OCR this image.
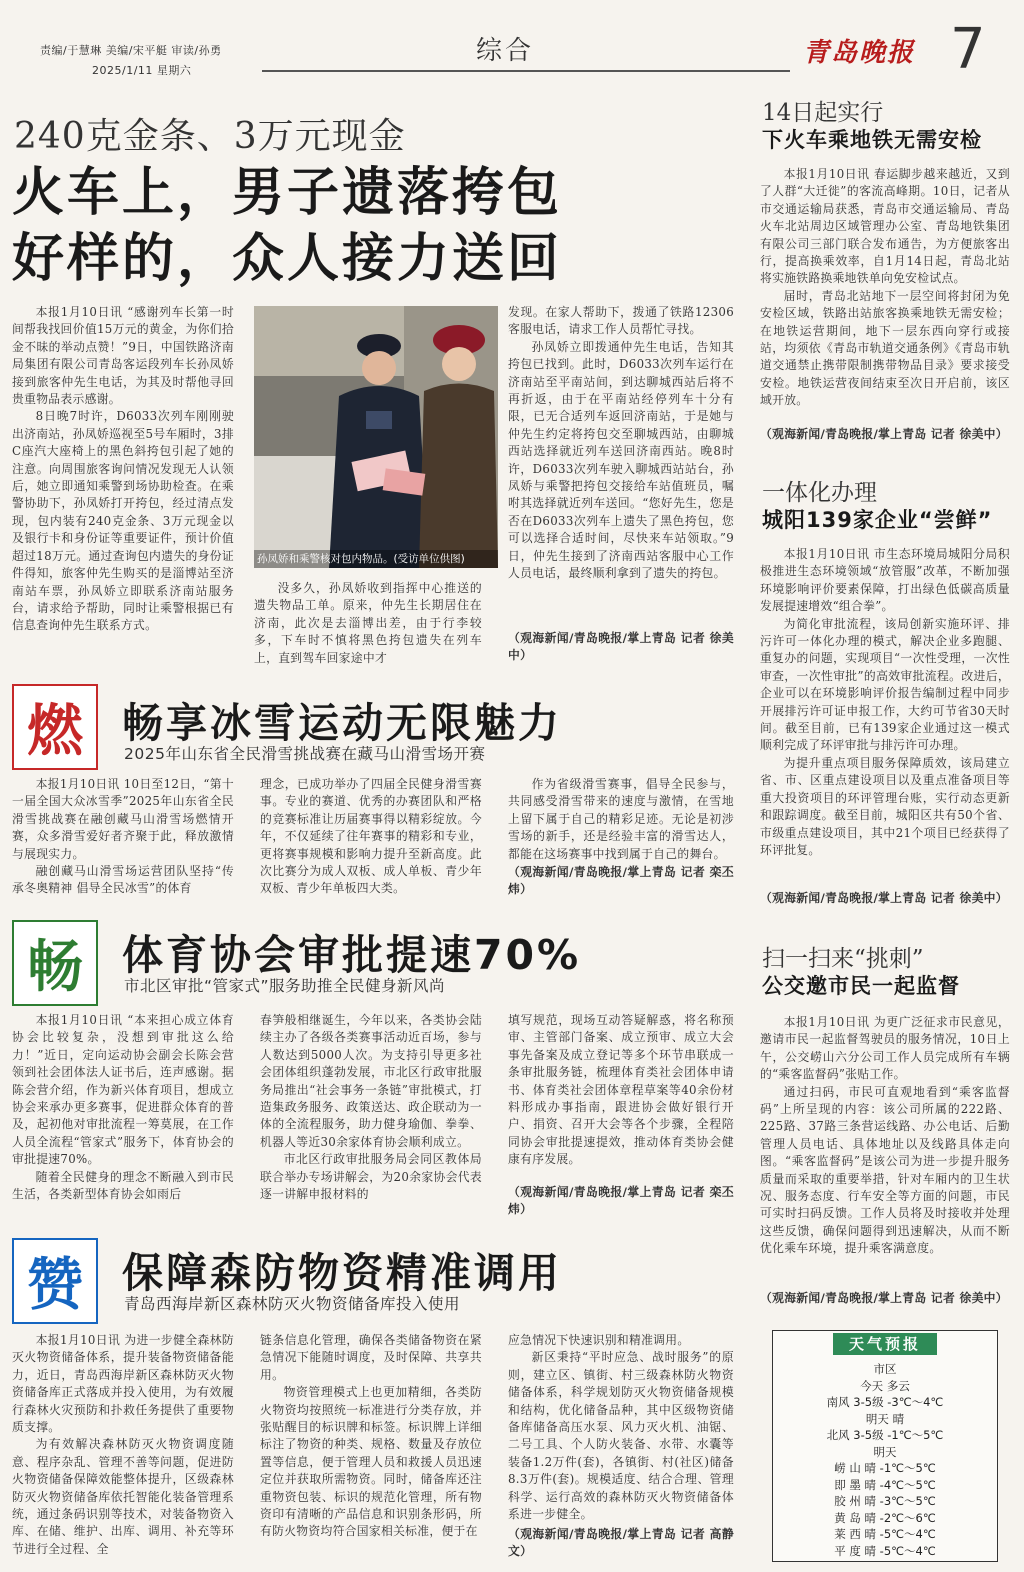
责编/于慧琳 美编/宋平艇 审读/孙勇
2025/1/11 星期六
综合	青岛晚报 7
240克金条、3万元现金
火车上，男子遗落挎包
好样的，众人接力送回

本报1月10日讯 “感谢列车长第一时间帮我找回价值15万元的黄金，为你们拾金不昧的举动点赞！”9日，中国铁路济南局集团有限公司青岛客运段列车长孙凤娇接到旅客仲先生电话，为其及时帮他寻回贵重物品表示感谢。

8日晚7时许，D6033次列车刚刚驶出济南站，孙凤娇巡视至5号车厢时，3排C座汽大座椅上的黑色斜挎包引起了她的注意。向周围旅客询问情况发现无人认领后，她立即通知乘警到场协助检查。在乘警协助下，孙凤娇打开挎包，经过清点发现，包内装有240克金条、3万元现金以及银行卡和身份证等重要证件，预计价值超过18万元。通过查询包内遗失的身份证件得知，旅客仲先生购买的是淄博站至济南站车票，孙凤娇立即联系济南站服务台，请求给予帮助，同时让乘警根据已有信息查询仲先生联系方式。

孙凤娇和乘警核对包内物品。(受访单位供图)

没多久，孙凤娇收到指挥中心推送的遗失物品工单。原来，仲先生长期居住在济南，此次是去淄博出差，由于行李较多，下车时不慎将黑色挎包遗失在列车上，直到驾车回家途中才

发现。在家人帮助下，拨通了铁路12306客服电话，请求工作人员帮忙寻找。

孙凤娇立即拨通仲先生电话，告知其挎包已找到。此时，D6033次列车运行在济南站至平南站间，到达聊城西站后将不再折返，由于在平南站经停列车十分有限，已无合适列车返回济南站，于是她与仲先生约定将挎包交至聊城西站，由聊城西站选择就近列车送回济南西站。晚8时许，D6033次列车驶入聊城西站站台，孙凤娇与乘警把挎包交接给车站值班员，嘱咐其选择就近列车送回。“您好先生，您是否在D6033次列车上遗失了黑色挎包，您可以选择合适时间，尽快来车站领取。”9日，仲先生接到了济南西站客服中心工作人员电话，最终顺利拿到了遗失的挎包。

（观海新闻/青岛晚报/掌上青岛 记者 徐美中）
燃 畅享冰雪运动无限魅力
2025年山东省全民滑雪挑战赛在藏马山滑雪场开赛

本报1月10日讯 10日至12日，“第十一届全国大众冰雪季”2025年山东省全民滑雪挑战赛在融创藏马山滑雪场燃情开赛，众多滑雪爱好者齐聚于此，释放激情与展现实力。

融创藏马山滑雪场运营团队坚持“传承冬奥精神 倡导全民冰雪”的体育

理念，已成功举办了四届全民健身滑雪赛事。专业的赛道、优秀的办赛团队和严格的竞赛标准让历届赛事得以精彩绽放。今年，不仅延续了往年赛事的精彩和专业，更将赛事规模和影响力提升至新高度。此次比赛分为成人双板、成人单板、青少年双板、青少年单板四大类。

作为省级滑雪赛事，倡导全民参与，共同感受滑雪带来的速度与激情，在雪地上留下属于自己的精彩足迹。无论是初涉雪场的新手，还是经验丰富的滑雪达人，都能在这场赛事中找到属于自己的舞台。

（观海新闻/青岛晚报/掌上青岛 记者 栾丕炜）
畅 体育协会审批提速70%
市北区审批“管家式”服务助推全民健身新风尚

本报1月10日讯 “本来担心成立体育协会比较复杂，没想到审批这么给力！”近日，定向运动协会副会长陈会营领到社会团体法人证书后，连声感谢。据陈会营介绍，作为新兴体育项目，想成立协会来承办更多赛事，促进群众体育的普及，起初他对审批流程一筹莫展，在工作人员全流程“管家式”服务下，体育协会的审批提速70%。

随着全民健身的理念不断融入到市民生活，各类新型体育协会如雨后

春笋般相继诞生，今年以来，各类协会陆续主办了各级各类赛事活动近百场，参与人数达到5000人次。为支持引导更多社会团体组织蓬勃发展，市北区行政审批服务局推出“社会事务一条链”审批模式，打造集政务服务、政策送达、政企联动为一体的全流程服务，助力健身瑜伽、拳拳、机器人等近30余家体育协会顺利成立。

市北区行政审批服务局会同区教体局联合举办专场讲解会，为20余家协会代表逐一讲解申报材料的

填写规范，现场互动答疑解惑，将名称预审、主管部门备案、成立预审、成立大会事先备案及成立登记等多个环节串联成一条审批服务链，梳理体育类社会团体申请书、体育类社会团体章程草案等40余份材料形成办事指南，跟进协会做好银行开户、捐资、召开大会等各个步骤，全程陪同协会审批提速提效，推动体育类协会健康有序发展。

（观海新闻/青岛晚报/掌上青岛 记者 栾丕炜）
赞 保障森防物资精准调用
青岛西海岸新区森林防灭火物资储备库投入使用

本报1月10日讯 为进一步健全森林防灭火物资储备体系，提升装备物资储备能力，近日，青岛西海岸新区森林防灭火物资储备库正式落成并投入使用，为有效履行森林火灾预防和扑救任务提供了重要物质支撑。

为有效解决森林防灭火物资调度随意、程序杂乱、管理不善等问题，促进防火物资储备保障效能整体提升，区级森林防灭火物资储备库依托智能化装备管理系统，通过条码识别等技术，对装备物资入库、在储、维护、出库、调用、补充等环节进行全过程、全

链条信息化管理，确保各类储备物资在紧急情况下能随时调度，及时保障、共享共用。

物资管理模式上也更加精细，各类防火物资均按照统一标准进行分类存放，并张贴醒目的标识牌和标签。标识牌上详细标注了物资的种类、规格、数量及存放位置等信息，便于管理人员和救援人员迅速定位并获取所需物资。同时，储备库还注重物资包装、标识的规范化管理，所有物资印有清晰的产品信息和识别条形码，所有防火物资均符合国家相关标准，便于在

应急情况下快速识别和精准调用。

新区秉持“平时应急、战时服务”的原则，建立区、镇街、村三级森林防火物资储备体系，科学规划防灭火物资储备规模和结构，优化储备品种，其中区级物资储备库储备高压水泵、风力灭火机、油锯、二号工具、个人防火装备、水带、水囊等装备1.2万件(套)，各镇街、村(社区)储备8.3万件(套)。规模适度、结合合理、管理科学、运行高效的森林防灭火物资储备体系进一步健全。

（观海新闻/青岛晚报/掌上青岛 记者 高静文）
14日起实行
下火车乘地铁无需安检

本报1月10日讯 春运脚步越来越近，又到了人群“大迁徙”的客流高峰期。10日，记者从市交通运输局获悉，青岛市交通运输局、青岛火车北站周边区域管理办公室、青岛地铁集团有限公司三部门联合发布通告，为方便旅客出行，提高换乘效率，自1月14日起，青岛北站将实施铁路换乘地铁单向免安检试点。

届时，青岛北站地下一层空间将封闭为免安检区域，铁路出站旅客换乘地铁无需安检；在地铁运营期间，地下一层东西向穿行或接站，均须依《青岛市轨道交通条例》《青岛市轨道交通禁止携带限制携带物品目录》要求接受安检。地铁运营夜间结束至次日开启前，该区域开放。

（观海新闻/青岛晚报/掌上青岛 记者 徐美中）
一体化办理
城阳139家企业“尝鲜”

本报1月10日讯 市生态环境局城阳分局积极推进生态环境领域“放管服”改革，不断加强环境影响评价要素保障，打出绿色低碳高质量发展提速增效“组合拳”。

为简化审批流程，该局创新实施环评、排污许可一体化办理的模式，解决企业多跑腿、重复办的问题，实现项目“一次性受理，一次性审查，一次性审批”的高效审批流程。改进后，企业可以在环境影响评价报告编制过程中同步开展排污许可证申报工作，大约可节省30天时间。截至目前，已有139家企业通过这一模式顺利完成了环评审批与排污许可办理。

为提升重点项目服务保障质效，该局建立省、市、区重点建设项目以及重点准备项目等重大投资项目的环评管理台账，实行动态更新和跟踪调度。截至目前，城阳区共有50个省、市级重点建设项目，其中21个项目已经获得了环评批复。

（观海新闻/青岛晚报/掌上青岛 记者 徐美中）
扫一扫来“挑刺”
公交邀市民一起监督

本报1月10日讯 为更广泛征求市民意见，邀请市民一起监督驾驶员的服务情况，10日上午，公交崂山六分公司工作人员完成所有车辆的“乘客监督码”张贴工作。

通过扫码，市民可直观地看到“乘客监督码”上所呈现的内容：该公司所属的222路、225路、37路三条营运线路、办公电话、后勤管理人员电话、具体地址以及线路具体走向图。“乘客监督码”是该公司为进一步提升服务质量而采取的重要举措，针对车厢内的卫生状况、服务态度、行车安全等方面的问题，市民可实时扫码反馈。工作人员将及时接收并处理这些反馈，确保问题得到迅速解决，从而不断优化乘车环境，提升乘客满意度。

（观海新闻/青岛晚报/掌上青岛 记者 徐美中）
天气预报
市区
今天 多云
南风 3-5级 -3℃～4℃
明天 晴
北风 3-5级 -1℃～5℃
明天
崂 山 晴 -1℃～5℃
即 墨 晴 -4℃～5℃
胶 州 晴 -3℃～5℃
黄 岛 晴 -2℃～6℃
莱 西 晴 -5℃～4℃
平 度 晴 -5℃～4℃
